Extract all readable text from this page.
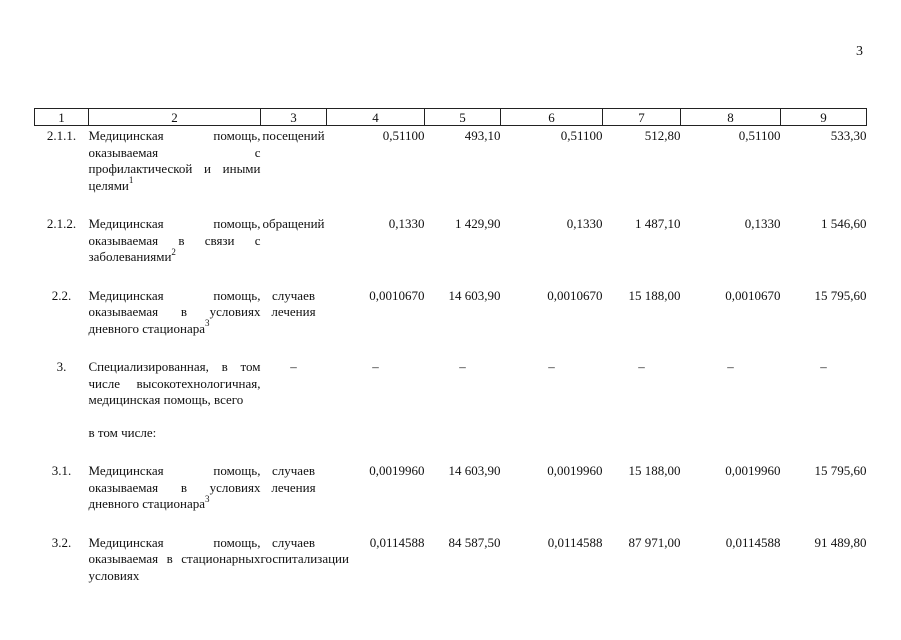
3
1	2	3	4	5	6	7	8	9
2.1.1.	Медицинская помощь, оказываемая с профилактической и иными целями$^1$	посещений	0,51100	493,10	0,51100	512,80	0,51100	533,30
2.1.2.	Медицинская помощь, оказываемая в связи с заболеваниями$^2$	обращений	0,1330	1 429,90	0,1330	1 487,10	0,1330	1 546,60
2.2.	Медицинская помощь, оказываемая в условиях дневного стационара$^3$	случаев лечения	0,0010670	14 603,90	0,0010670	15 188,00	0,0010670	15 795,60
3.	Специализированная, в том числе высокотехнологичная, медицинская помощь, всего	–	–	–	–	–	–	–
	в том числе:							
3.1.	Медицинская помощь, оказываемая в условиях дневного стационара$^3$	случаев лечения	0,0019960	14 603,90	0,0019960	15 188,00	0,0019960	15 795,60
3.2.	Медицинская помощь, оказываемая в стационарных условиях	случаев госпитализации	0,0114588	84 587,50	0,0114588	87 971,00	0,0114588	91 489,80
